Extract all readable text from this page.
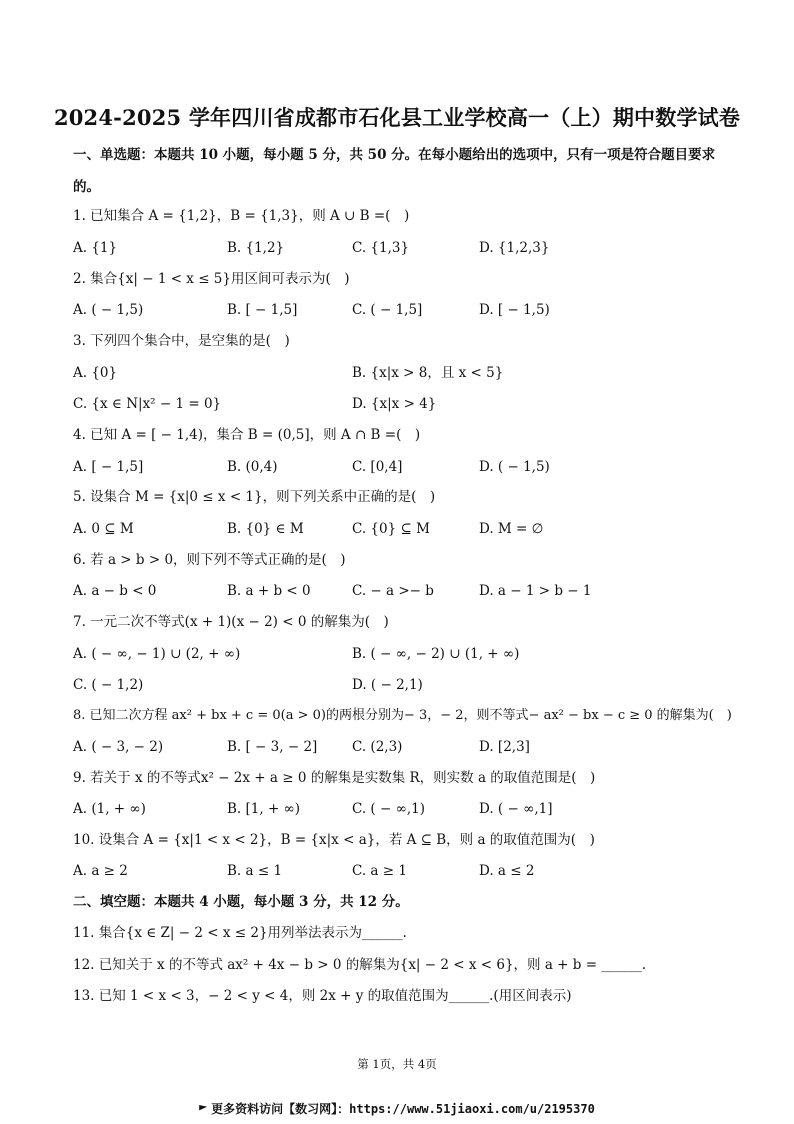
2024-2025 学年四川省成都市石化县工业学校高一（上）期中数学试卷
一、单选题：本题共 10 小题，每小题 5 分，共 50 分。在每小题给出的选项中，只有一项是符合题目要求
的。
1. 已知集合 A = {1,2}，B = {1,3}，则 A ∪ B =(　)
A. {1}	B. {1,2}	C. {1,3}	D. {1,2,3}
2. 集合{x| − 1 < x ≤ 5}用区间可表示为(　)
A. ( − 1,5)	B. [ − 1,5]	C. ( − 1,5]	D. [ − 1,5)
3. 下列四个集合中，是空集的是(　)
A. {0}	B. {x|x > 8，且 x < 5}
C. {x ∈ N|x² − 1 = 0}	D. {x|x > 4}
4. 已知 A = [ − 1,4)，集合 B = (0,5]，则 A ∩ B =(　)
A. [ − 1,5]	B. (0,4)	C. [0,4]	D. ( − 1,5)
5. 设集合 M = {x|0 ≤ x < 1}，则下列关系中正确的是(　)
A. 0 ⊆ M	B. {0} ∈ M	C. {0} ⊆ M	D. M = ∅
6. 若 a > b > 0，则下列不等式正确的是(　)
A. a − b < 0	B. a + b < 0	C. − a >− b	D. a − 1 > b − 1
7. 一元二次不等式(x + 1)(x − 2) < 0 的解集为(　)
A. ( − ∞, − 1) ∪ (2, + ∞)	B. ( − ∞, − 2) ∪ (1, + ∞)
C. ( − 1,2)	D. ( − 2,1)
8. 已知二次方程 ax² + bx + c = 0(a > 0)的两根分别为− 3，− 2，则不等式− ax² − bx − c ≥ 0 的解集为(　)
A. ( − 3, − 2)	B. [ − 3, − 2]	C. (2,3)	D. [2,3]
9. 若关于 x 的不等式x² − 2x + a ≥ 0 的解集是实数集 R，则实数 a 的取值范围是(　)
A. (1, + ∞)	B. [1, + ∞)	C. ( − ∞,1)	D. ( − ∞,1]
10. 设集合 A = {x|1 < x < 2}，B = {x|x < a}，若 A ⊆ B，则 a 的取值范围为(　)
A. a ≥ 2	B. a ≤ 1	C. a ≥ 1	D. a ≤ 2
二、填空题：本题共 4 小题，每小题 3 分，共 12 分。
11. 集合{x ∈ Z| − 2 < x ≤ 2}用列举法表示为______.
12. 已知关于 x 的不等式 ax² + 4x − b > 0 的解集为{x| − 2 < x < 6}，则 a + b = ______.
13. 已知 1 < x < 3，− 2 < y < 4，则 2x + y 的取值范围为______.(用区间表示)
第 1页，共 4页
更多资料访问【数习网】：https://www.51jiaoxi.com/u/2195370
